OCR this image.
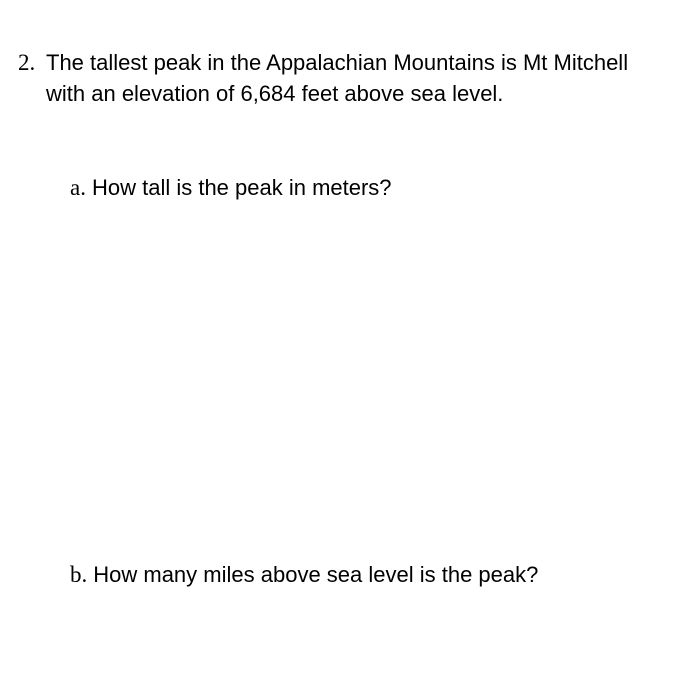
2. The tallest peak in the Appalachian Mountains is Mt Mitchell with an elevation of 6,684 feet above sea level.
a. How tall is the peak in meters?
b. How many miles above sea level is the peak?
